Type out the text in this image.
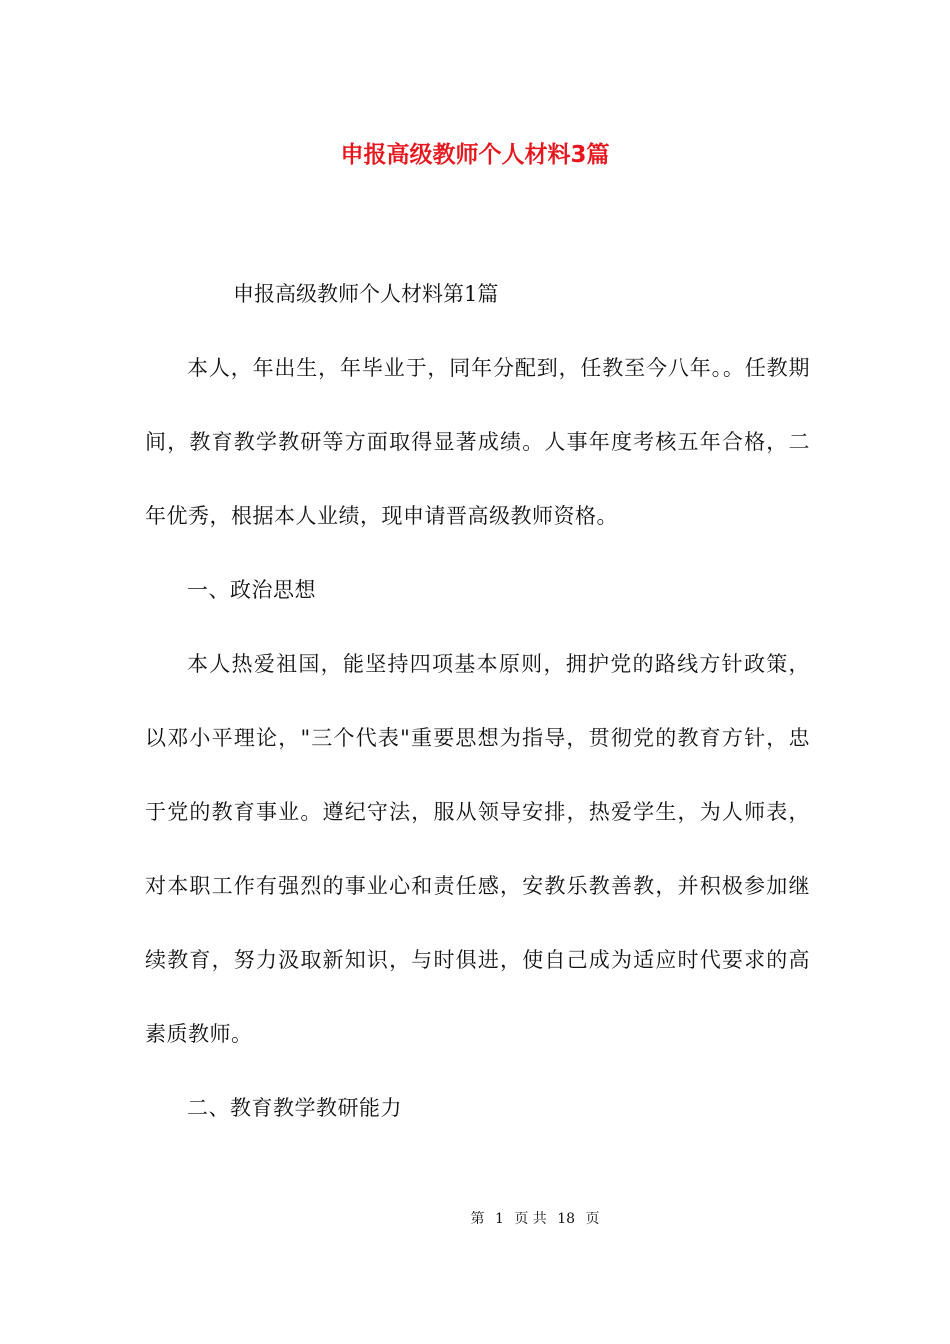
申报高级教师个人材料3篇
申报高级教师个人材料第1篇

本人，年出生，年毕业于，同年分配到，任教至今八年。。任教期间，教育教学教研等方面取得显著成绩。人事年度考核五年合格，二年优秀，根据本人业绩，现申请晋高级教师资格。

一、政治思想

本人热爱祖国，能坚持四项基本原则，拥护党的路线方针政策，以邓小平理论，"三个代表"重要思想为指导，贯彻党的教育方针，忠于党的教育事业。遵纪守法，服从领导安排，热爱学生，为人师表，对本职工作有强烈的事业心和责任感，安教乐教善教，并积极参加继续教育，努力汲取新知识，与时俱进，使自己成为适应时代要求的高素质教师。

二、教育教学教研能力

第 1 页 共 18 页
